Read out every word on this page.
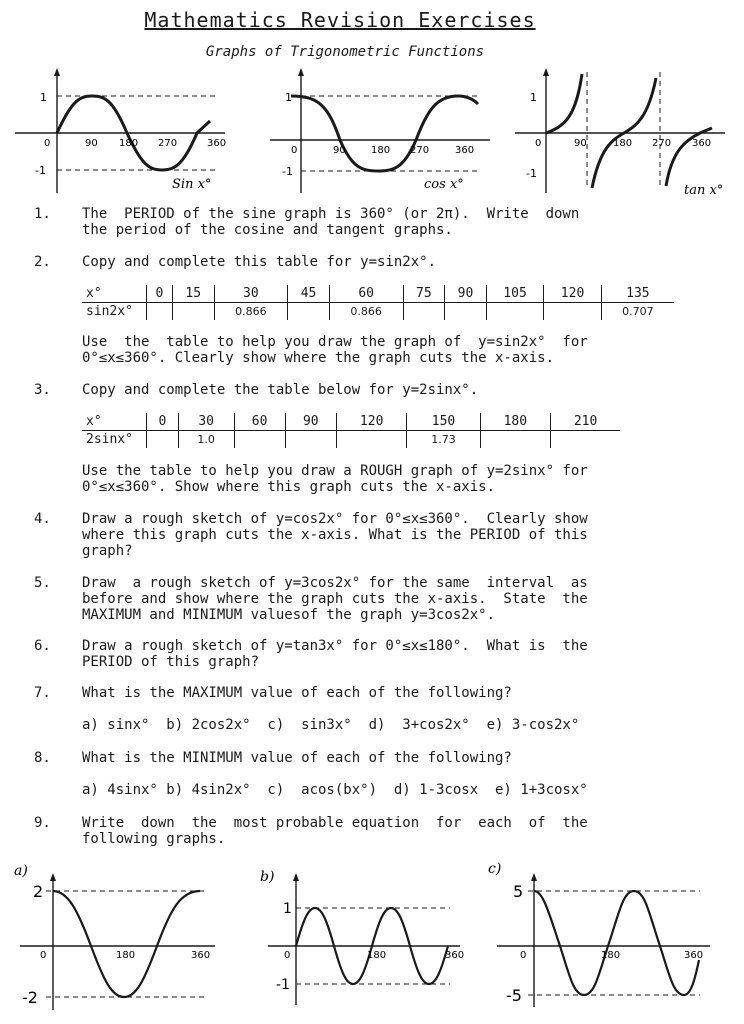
Mathematics Revision Exercises
Graphs of Trigonometric Functions
1
-1
0	90 180 270	360
Sin x°
1
-1
0	90	180 270	360
cos x°
1
-1
0	90	180 270 360
tan x°
1. The  PERIOD of the sine graph is 360° (or 2π).  Write  down
the period of the cosine and tangent graphs.
2. Copy and complete this table for y=sin2x°.
x°	0	15	30	45	60	75	90	105	120	135
sin2x°			0.866		0.866					0.707
Use  the  table to help you draw the graph of  y=sin2x°  for
0°≤x≤360°. Clearly show where the graph cuts the x-axis.
3. Copy and complete the table below for y=2sinx°.
x°	0	30	60	90	120	150	180	210
2sinx°		1.0				1.73		
Use the table to help you draw a ROUGH graph of y=2sinx° for
0°≤x≤360°. Show where this graph cuts the x-axis.
4. Draw a rough sketch of y=cos2x° for 0°≤x≤360°.  Clearly show
where this graph cuts the x-axis. What is the PERIOD of this
graph?
5. Draw  a rough sketch of y=3cos2x° for the same  interval  as
before and show where the graph cuts the x-axis.  State  the
MAXIMUM and MINIMUM valuesof the graph y=3cos2x°.
6. Draw a rough sketch of y=tan3x° for 0°≤x≤180°.  What is  the
PERIOD of this graph?
7. What is the MAXIMUM value of each of the following?
a) sinx°  b) 2cos2x°  c)  sin3x°  d)  3+cos2x°  e) 3-cos2x°
8. What is the MINIMUM value of each of the following?
a) 4sinx° b) 4sin2x°  c)  acos(bx°)  d) 1-3cosx  e) 1+3cosx°
9. Write  down  the  most probable equation  for  each  of  the
following graphs.
a)
2
-2
0	180	360
b)
1
-1
0	180	360
c)
5
-5
0	180	360
